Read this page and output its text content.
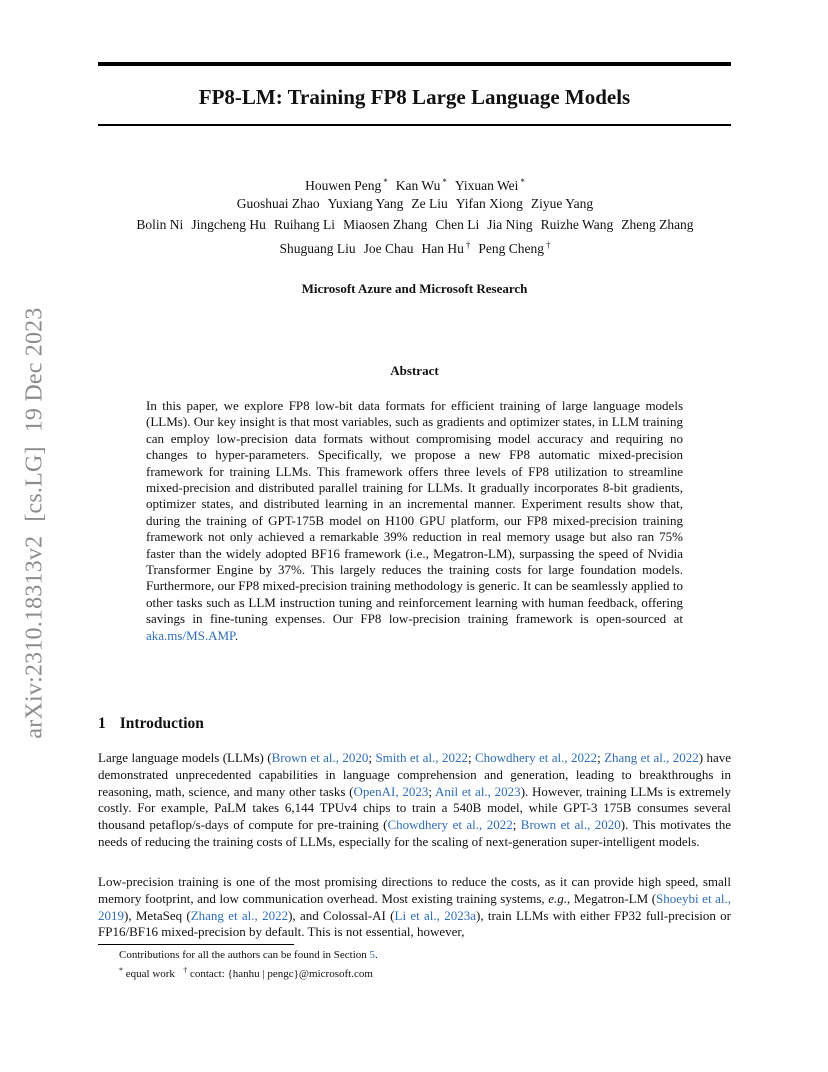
arXiv:2310.18313v2[cs.LG]19 Dec 2023
FP8-LM: Training FP8 Large Language Models
Houwen Peng * Kan Wu * Yixuan Wei *
Guoshuai Zhao Yuxiang Yang Ze Liu Yifan Xiong Ziyue Yang
Bolin Ni Jingcheng Hu Ruihang Li Miaosen Zhang Chen Li Jia Ning Ruizhe Wang Zheng Zhang
Shuguang Liu Joe Chau Han Hu † Peng Cheng †
Microsoft Azure and Microsoft Research
Abstract

In this paper, we explore FP8 low-bit data formats for efficient training of large language models (LLMs). Our key insight is that most variables, such as gradients and optimizer states, in LLM training can employ low-precision data formats without compromising model accuracy and requiring no changes to hyper-parameters. Specifically, we propose a new FP8 automatic mixed-precision framework for training LLMs. This framework offers three levels of FP8 utilization to streamline mixed-precision and distributed parallel training for LLMs. It gradually incorporates 8-bit gradients, optimizer states, and distributed learning in an incremental manner. Experiment results show that, during the training of GPT-175B model on H100 GPU platform, our FP8 mixed-precision training framework not only achieved a remarkable 39% reduction in real memory usage but also ran 75% faster than the widely adopted BF16 framework (i.e., Megatron-LM), surpassing the speed of Nvidia Transformer Engine by 37%. This largely reduces the training costs for large foundation models. Furthermore, our FP8 mixed-precision training methodology is generic. It can be seamlessly applied to other tasks such as LLM instruction tuning and reinforcement learning with human feedback, offering savings in fine-tuning expenses. Our FP8 low-precision training framework is open-sourced at aka.ms/MS.AMP.

1 Introduction

Large language models (LLMs) (Brown et al., 2020; Smith et al., 2022; Chowdhery et al., 2022; Zhang et al., 2022) have demonstrated unprecedented capabilities in language comprehension and generation, leading to breakthroughs in reasoning, math, science, and many other tasks (OpenAI, 2023; Anil et al., 2023). However, training LLMs is extremely costly. For example, PaLM takes 6,144 TPUv4 chips to train a 540B model, while GPT-3 175B consumes several thousand petaflop/s-days of compute for pre-training (Chowdhery et al., 2022; Brown et al., 2020). This motivates the needs of reducing the training costs of LLMs, especially for the scaling of next-generation super-intelligent models.

Low-precision training is one of the most promising directions to reduce the costs, as it can provide high speed, small memory footprint, and low communication overhead. Most existing training systems, e.g., Megatron-LM (Shoeybi et al., 2019), MetaSeq (Zhang et al., 2022), and Colossal-AI (Li et al., 2023a), train LLMs with either FP32 full-precision or FP16/BF16 mixed-precision by default. This is not essential, however,

Contributions for all the authors can be found in Section 5.
* equal work † contact: {hanhu | pengc}@microsoft.com
